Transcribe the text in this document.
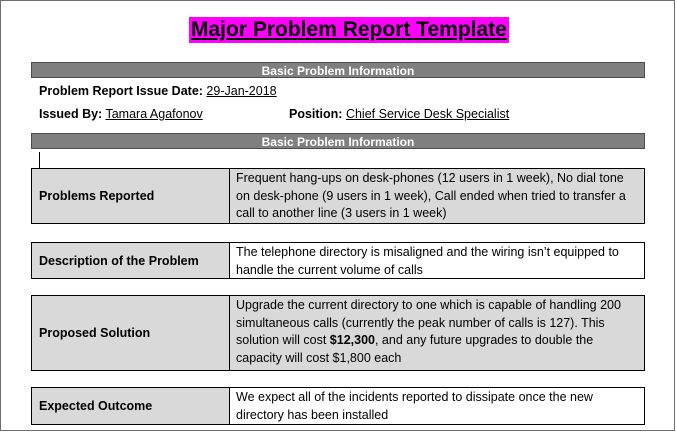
Major Problem Report Template
Basic Problem Information
Problem Report Issue Date: 29-Jan-2018
Issued By: Tamara Agafonov	Position: Chief Service Desk Specialist
Basic Problem Information
Problems Reported
Frequent hang-ups on desk-phones (12 users in 1 week), No dial tone on desk-phone (9 users in 1 week), Call ended when tried to transfer a call to another line (3 users in 1 week)
Description of the Problem
The telephone directory is misaligned and the wiring isn’t equipped to handle the current volume of calls
Proposed Solution
Upgrade the current directory to one which is capable of handling 200 simultaneous calls (currently the peak number of calls is 127). This solution will cost $12,300, and any future upgrades to double the capacity will cost $1,800 each
Expected Outcome
We expect all of the incidents reported to dissipate once the new directory has been installed
